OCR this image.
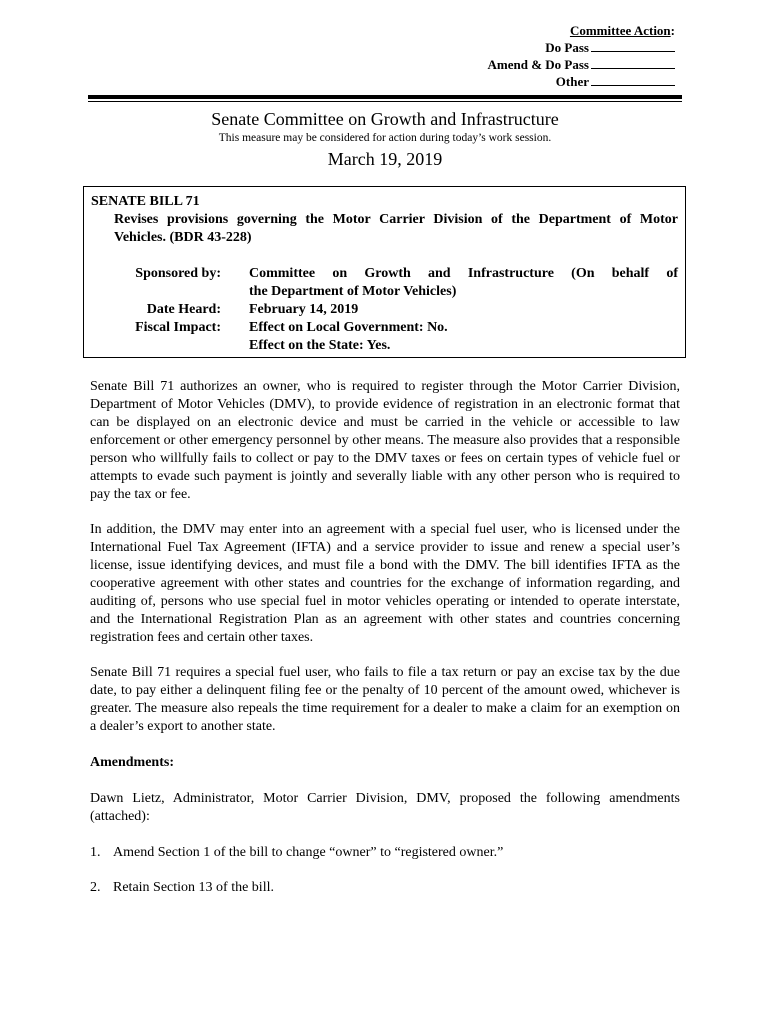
Committee Action:
Do Pass
Amend & Do Pass
Other
Senate Committee on Growth and Infrastructure
This measure may be considered for action during today’s work session.
March 19, 2019
SENATE BILL 71
Revises provisions governing the Motor Carrier Division of the Department of Motor
Vehicles. (BDR 43-228)
Sponsored by: Committee on Growth and Infrastructure (On behalf of
the Department of Motor Vehicles)
Date Heard: February 14, 2019
Fiscal Impact: Effect on Local Government: No.
Effect on the State: Yes.
Senate Bill 71 authorizes an owner, who is required to register through the Motor Carrier Division, Department of Motor Vehicles (DMV), to provide evidence of registration in an electronic format that can be displayed on an electronic device and must be carried in the vehicle or accessible to law enforcement or other emergency personnel by other means. The measure also provides that a responsible person who willfully fails to collect or pay to the DMV taxes or fees on certain types of vehicle fuel or attempts to evade such payment is jointly and severally liable with any other person who is required to pay the tax or fee.
In addition, the DMV may enter into an agreement with a special fuel user, who is licensed under the International Fuel Tax Agreement (IFTA) and a service provider to issue and renew a special user’s license, issue identifying devices, and must file a bond with the DMV. The bill identifies IFTA as the cooperative agreement with other states and countries for the exchange of information regarding, and auditing of, persons who use special fuel in motor vehicles operating or intended to operate interstate, and the International Registration Plan as an agreement with other states and countries concerning registration fees and certain other taxes.
Senate Bill 71 requires a special fuel user, who fails to file a tax return or pay an excise tax by the due date, to pay either a delinquent filing fee or the penalty of 10 percent of the amount owed, whichever is greater. The measure also repeals the time requirement for a dealer to make a claim for an exemption on a dealer’s export to another state.
Amendments:
Dawn Lietz, Administrator, Motor Carrier Division, DMV, proposed the following amendments (attached):
1. Amend Section 1 of the bill to change “owner” to “registered owner.”
2. Retain Section 13 of the bill.
